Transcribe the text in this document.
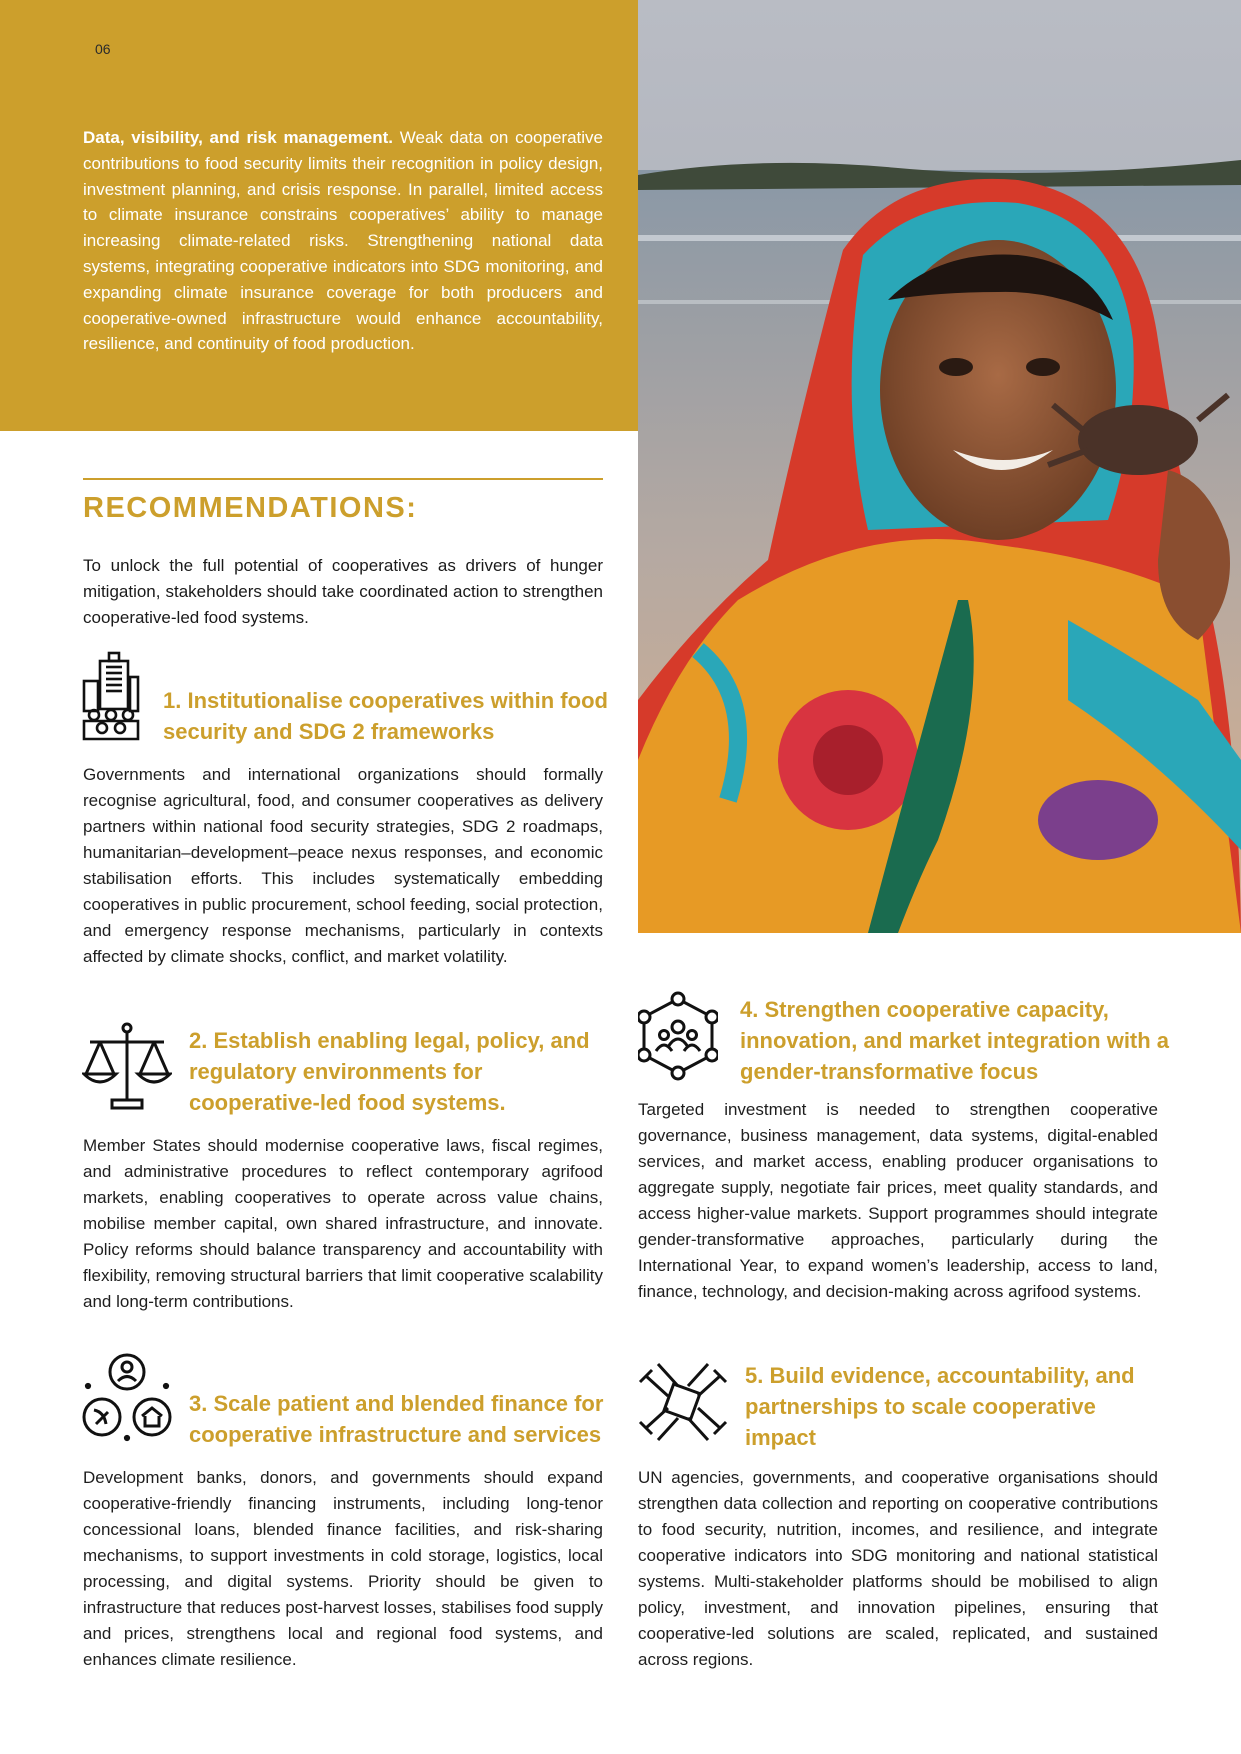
06
Data, visibility, and risk management. Weak data on cooperative contributions to food security limits their recognition in policy design, investment planning, and crisis response. In parallel, limited access to climate insurance constrains cooperatives’ ability to manage increasing climate-related risks. Strengthening national data systems, integrating cooperative indicators into SDG monitoring, and expanding climate insurance coverage for both producers and cooperative-owned infrastructure would enhance accountability, resilience, and continuity of food production.
RECOMMENDATIONS:
To unlock the full potential of cooperatives as drivers of hunger mitigation, stakeholders should take coordinated action to strengthen cooperative-led food systems.
1. Institutionalise cooperatives within food security and SDG 2 frameworks
Governments and international organizations should formally recognise agricultural, food, and consumer cooperatives as delivery partners within national food security strategies, SDG 2 roadmaps, humanitarian–development–peace nexus responses, and economic stabilisation efforts. This includes systematically embedding cooperatives in public procurement, school feeding, social protection, and emergency response mechanisms, particularly in contexts affected by climate shocks, conflict, and market volatility.
2. Establish enabling legal, policy, and regulatory environments for cooperative-led food systems.
Member States should modernise cooperative laws, fiscal regimes, and administrative procedures to reflect contemporary agrifood markets, enabling cooperatives to operate across value chains, mobilise member capital, own shared infrastructure, and innovate. Policy reforms should balance transparency and accountability with flexibility, removing structural barriers that limit cooperative scalability and long-term contributions.
3. Scale patient and blended finance for cooperative infrastructure and services
Development banks, donors, and governments should expand cooperative-friendly financing instruments, including long-tenor concessional loans, blended finance facilities, and risk-sharing mechanisms, to support investments in cold storage, logistics, local processing, and digital systems. Priority should be given to infrastructure that reduces post-harvest losses, stabilises food supply and prices, strengthens local and regional food systems, and enhances climate resilience.
4. Strengthen cooperative capacity, innovation, and market integration with a gender-transformative focus
Targeted investment is needed to strengthen cooperative governance, business management, data systems, digital-enabled services, and market access, enabling producer organisations to aggregate supply, negotiate fair prices, meet quality standards, and access higher-value markets. Support programmes should integrate gender-transformative approaches, particularly during the International Year, to expand women’s leadership, access to land, finance, technology, and decision-making across agrifood systems.
5. Build evidence, accountability, and partnerships to scale cooperative impact
UN agencies, governments, and cooperative organisations should strengthen data collection and reporting on cooperative contributions to food security, nutrition, incomes, and resilience, and integrate cooperative indicators into SDG monitoring and national statistical systems. Multi-stakeholder platforms should be mobilised to align policy, investment, and innovation pipelines, ensuring that cooperative-led solutions are scaled, replicated, and sustained across regions.
